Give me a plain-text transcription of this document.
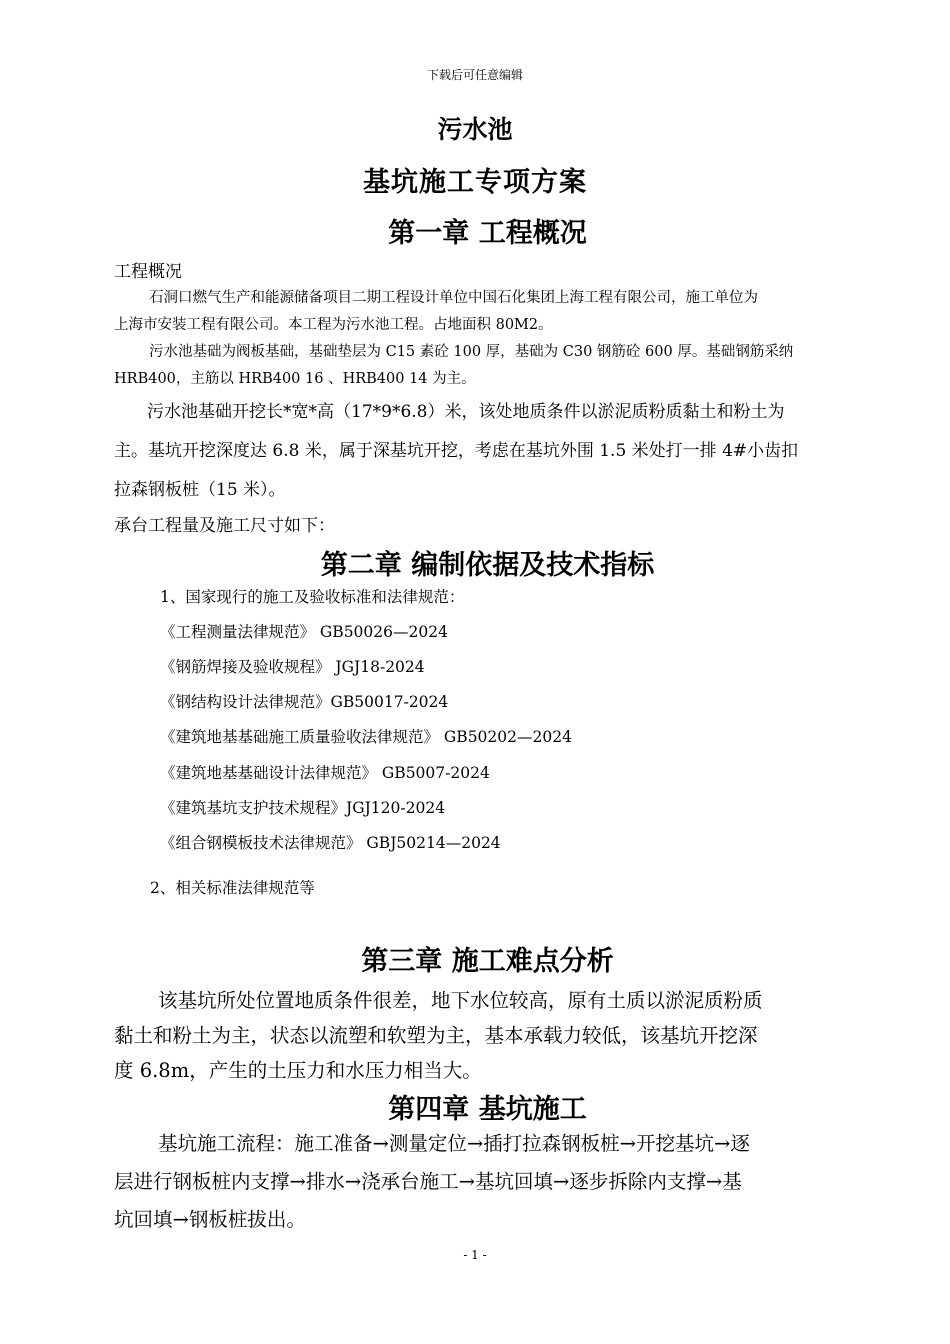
下载后可任意编辑
污水池
基坑施工专项方案
第一章 工程概况
工程概况
石洞口燃气生产和能源储备项目二期工程设计单位中国石化集团上海工程有限公司，施工单位为
上海市安装工程有限公司。本工程为污水池工程。占地面积 80M2。
污水池基础为阀板基础，基础垫层为 C15 素砼 100 厚，基础为 C30 钢筋砼 600 厚。基础钢筋采纳
HRB400，主筋以 HRB400 16 、HRB400 14 为主。
污水池基础开挖长*宽*高（17*9*6.8）米，该处地质条件以淤泥质粉质黏土和粉土为
主。基坑开挖深度达 6.8 米，属于深基坑开挖，考虑在基坑外围 1.5 米处打一排 4#小齿扣
拉森钢板桩（15 米）。
承台工程量及施工尺寸如下：
第二章 编制依据及技术指标
1、国家现行的施工及验收标准和法律规范：
《工程测量法律规范》 GB50026—2024
《钢筋焊接及验收规程》 JGJ18-2024
《钢结构设计法律规范》GB50017-2024
《建筑地基基础施工质量验收法律规范》 GB50202—2024
《建筑地基基础设计法律规范》 GB5007-2024
《建筑基坑支护技术规程》JGJ120-2024
《组合钢模板技术法律规范》 GBJ50214—2024
2、相关标准法律规范等
第三章 施工难点分析
该基坑所处位置地质条件很差，地下水位较高，原有土质以淤泥质粉质
黏土和粉土为主，状态以流塑和软塑为主，基本承载力较低，该基坑开挖深
度 6.8m，产生的土压力和水压力相当大。
第四章 基坑施工
基坑施工流程：施工准备→测量定位→插打拉森钢板桩→开挖基坑→逐
层进行钢板桩内支撑→排水→浇承台施工→基坑回填→逐步拆除内支撑→基
坑回填→钢板桩拔出。
- 1 -
